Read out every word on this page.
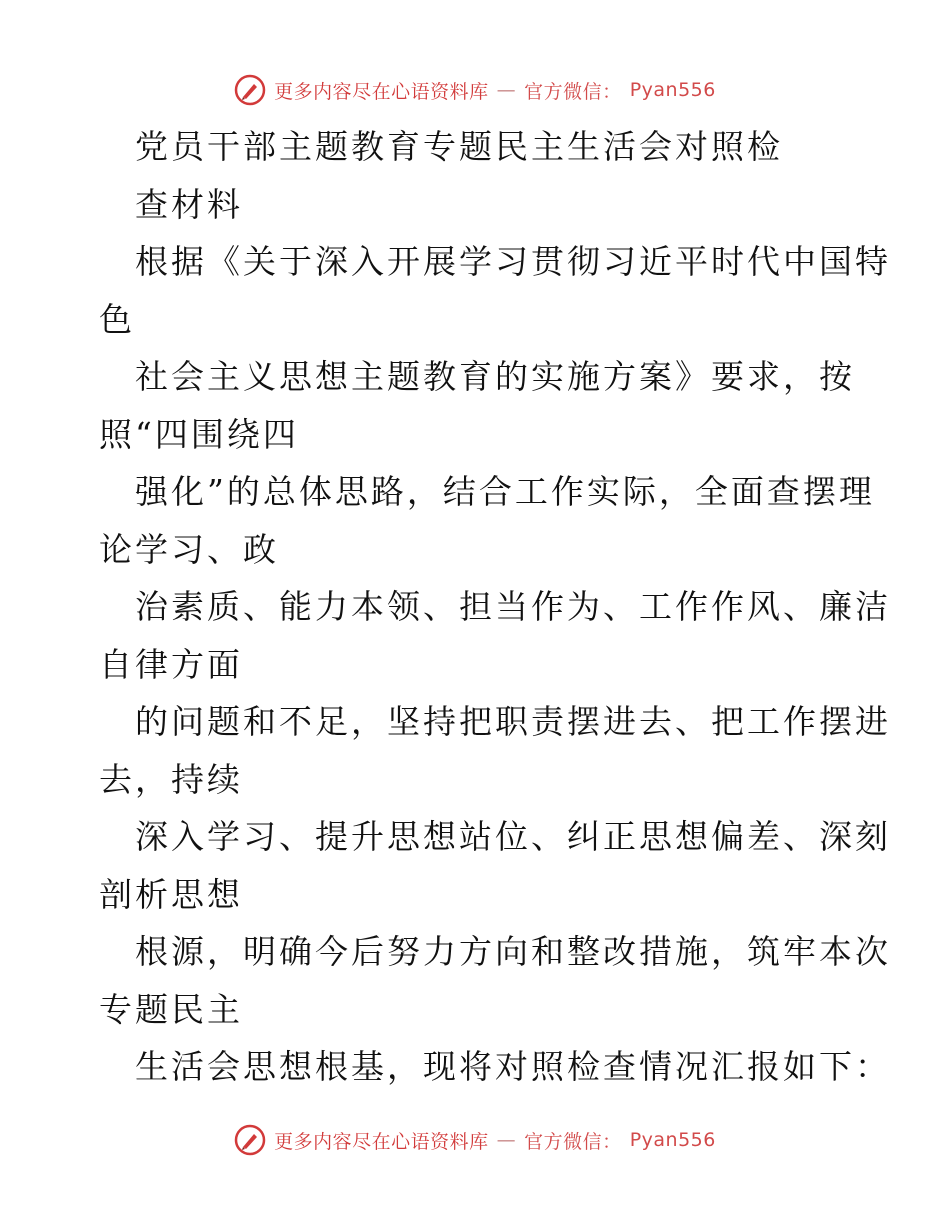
更多内容尽在心语资料库 — 官方微信： Pyan556
党员干部主题教育专题民主生活会对照检
查材料
根据《关于深入开展学习贯彻习近平时代中国特
色
社会主义思想主题教育的实施方案》要求，按
照“四围绕四
强化”的总体思路，结合工作实际，全面查摆理
论学习、政
治素质、能力本领、担当作为、工作作风、廉洁
自律方面
的问题和不足，坚持把职责摆进去、把工作摆进
去，持续
深入学习、提升思想站位、纠正思想偏差、深刻
剖析思想
根源，明确今后努力方向和整改措施，筑牢本次
专题民主
生活会思想根基，现将对照检查情况汇报如下：
更多内容尽在心语资料库 — 官方微信： Pyan556
